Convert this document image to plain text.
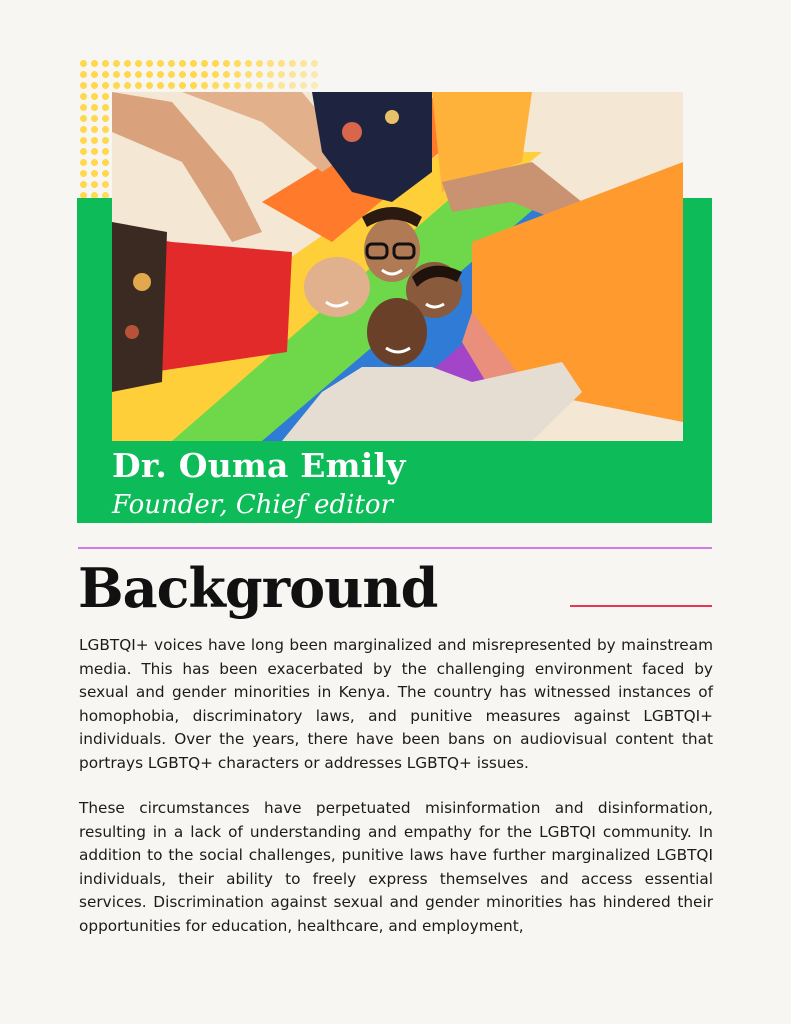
Dr. Ouma Emily
Founder, Chief editor
Background

LGBTQI+ voices have long been marginalized and misrepresented by mainstream media. This has been exacerbated by the challenging environment faced by sexual and gender minorities in Kenya. The country has witnessed instances of homophobia, discriminatory laws, and punitive measures against LGBTQI+ individuals. Over the years, there have been bans on audiovisual content that portrays LGBTQ+ characters or addresses LGBTQ+ issues.

These circumstances have perpetuated misinformation and disinformation, resulting in a lack of understanding and empathy for the LGBTQI community. In addition to the social challenges, punitive laws have further marginalized LGBTQI individuals, their ability to freely express themselves and access essential services. Discrimination against sexual and gender minorities has hindered their opportunities for education, healthcare, and employment,
